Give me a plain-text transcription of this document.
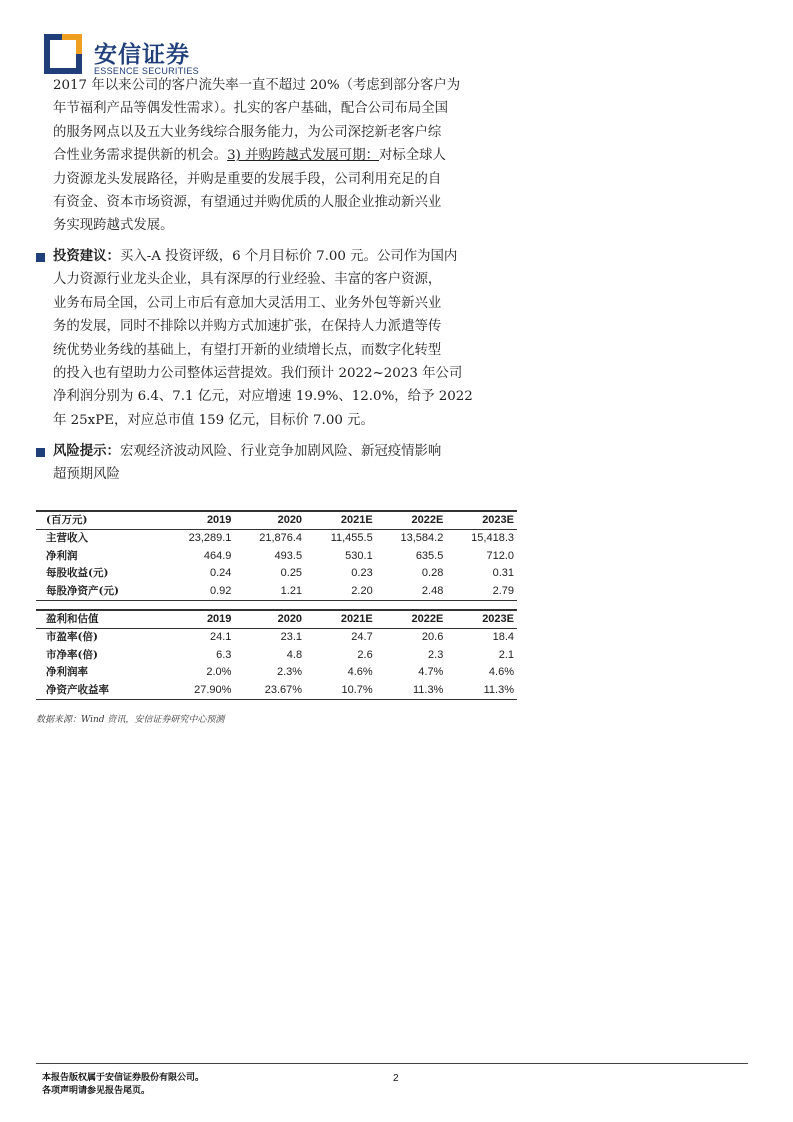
安信证券
ESSENCE SECURITIES
2017 年以来公司的客户流失率一直不超过 20%（考虑到部分客户为
年节福利产品等偶发性需求）。扎实的客户基础，配合公司布局全国
的服务网点以及五大业务线综合服务能力，为公司深挖新老客户综
合性业务需求提供新的机会。3) 并购跨越式发展可期：对标全球人
力资源龙头发展路径，并购是重要的发展手段，公司利用充足的自
有资金、资本市场资源，有望通过并购优质的人服企业推动新兴业
务实现跨越式发展。
投资建议：买入-A 投资评级，6 个月目标价 7.00 元。公司作为国内
人力资源行业龙头企业，具有深厚的行业经验、丰富的客户资源，
业务布局全国，公司上市后有意加大灵活用工、业务外包等新兴业
务的发展，同时不排除以并购方式加速扩张，在保持人力派遣等传
统优势业务线的基础上，有望打开新的业绩增长点，而数字化转型
的投入也有望助力公司整体运营提效。我们预计 2022~2023 年公司
净利润分别为 6.4、7.1 亿元，对应增速 19.9%、12.0%，给予 2022
年 25xPE，对应总市值 159 亿元，目标价 7.00 元。
风险提示：宏观经济波动风险、行业竞争加剧风险、新冠疫情影响
超预期风险
(百万元)	2019	2020	2021E	2022E	2023E
主营收入	23,289.1	21,876.4	11,455.5	13,584.2	15,418.3
净利润	464.9	493.5	530.1	635.5	712.0
每股收益(元)	0.24	0.25	0.23	0.28	0.31
每股净资产(元)	0.92	1.21	2.20	2.48	2.79

盈利和估值	2019	2020	2021E	2022E	2023E
市盈率(倍)	24.1	23.1	24.7	20.6	18.4
市净率(倍)	6.3	4.8	2.6	2.3	2.1
净利润率	2.0%	2.3%	4.6%	4.7%	4.6%
净资产收益率	27.90%	23.67%	10.7%	11.3%	11.3%
数据来源：Wind 资讯，安信证券研究中心预测
本报告版权属于安信证券股份有限公司。
各项声明请参见报告尾页。
2
